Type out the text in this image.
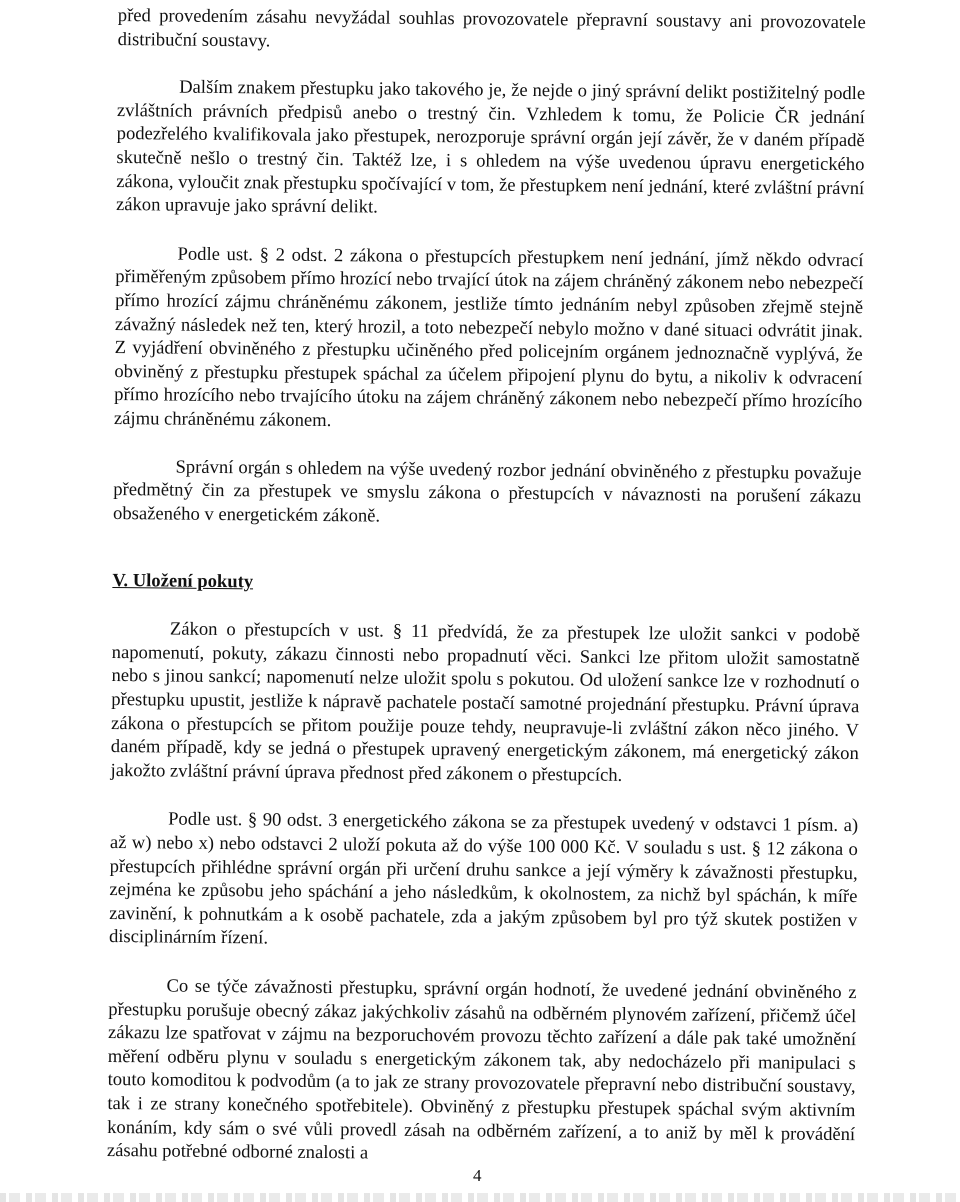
před provedením zásahu nevyžádal souhlas provozovatele přepravní soustavy ani provozovatele distribuční soustavy.

Dalším znakem přestupku jako takového je, že nejde o jiný správní delikt postižitelný podle zvláštních právních předpisů anebo o trestný čin. Vzhledem k tomu, že Policie ČR jednání podezřelého kvalifikovala jako přestupek, nerozporuje správní orgán její závěr, že v daném případě skutečně nešlo o trestný čin. Taktéž lze, i s ohledem na výše uvedenou úpravu energetického zákona, vyloučit znak přestupku spočívající v tom, že přestupkem není jednání, které zvláštní právní zákon upravuje jako správní delikt.

Podle ust. § 2 odst. 2 zákona o přestupcích přestupkem není jednání, jímž někdo odvrací přiměřeným způsobem přímo hrozící nebo trvající útok na zájem chráněný zákonem nebo nebezpečí přímo hrozící zájmu chráněnému zákonem, jestliže tímto jednáním nebyl způsoben zřejmě stejně závažný následek než ten, který hrozil, a toto nebezpečí nebylo možno v dané situaci odvrátit jinak. Z vyjádření obviněného z přestupku učiněného před policejním orgánem jednoznačně vyplývá, že obviněný z přestupku přestupek spáchal za účelem připojení plynu do bytu, a nikoliv k odvracení přímo hrozícího nebo trvajícího útoku na zájem chráněný zákonem nebo nebezpečí přímo hrozícího zájmu chráněnému zákonem.

Správní orgán s ohledem na výše uvedený rozbor jednání obviněného z přestupku považuje předmětný čin za přestupek ve smyslu zákona o přestupcích v návaznosti na porušení zákazu obsaženého v energetickém zákoně.

V. Uložení pokuty

Zákon o přestupcích v ust. § 11 předvídá, že za přestupek lze uložit sankci v podobě napomenutí, pokuty, zákazu činnosti nebo propadnutí věci. Sankci lze přitom uložit samostatně nebo s jinou sankcí; napomenutí nelze uložit spolu s pokutou. Od uložení sankce lze v rozhodnutí o přestupku upustit, jestliže k nápravě pachatele postačí samotné projednání přestupku. Právní úprava zákona o přestupcích se přitom použije pouze tehdy, neupravuje-li zvláštní zákon něco jiného. V daném případě, kdy se jedná o přestupek upravený energetickým zákonem, má energetický zákon jakožto zvláštní právní úprava přednost před zákonem o přestupcích.

Podle ust. § 90 odst. 3 energetického zákona se za přestupek uvedený v odstavci 1 písm. a) až w) nebo x) nebo odstavci 2 uloží pokuta až do výše 100 000 Kč. V souladu s ust. § 12 zákona o přestupcích přihlédne správní orgán při určení druhu sankce a její výměry k závažnosti přestupku, zejména ke způsobu jeho spáchání a jeho následkům, k okolnostem, za nichž byl spáchán, k míře zavinění, k pohnutkám a k osobě pachatele, zda a jakým způsobem byl pro týž skutek postižen v disciplinárním řízení.

Co se týče závažnosti přestupku, správní orgán hodnotí, že uvedené jednání obviněného z přestupku porušuje obecný zákaz jakýchkoliv zásahů na odběrném plynovém zařízení, přičemž účel zákazu lze spatřovat v zájmu na bezporuchovém provozu těchto zařízení a dále pak také umožnění měření odběru plynu v souladu s energetickým zákonem tak, aby nedocházelo při manipulaci s touto komoditou k podvodům (a to jak ze strany provozovatele přepravní nebo distribuční soustavy, tak i ze strany konečného spotřebitele). Obviněný z přestupku přestupek spáchal svým aktivním konáním, kdy sám o své vůli provedl zásah na odběrném zařízení, a to aniž by měl k provádění zásahu potřebné odborné znalosti a

4
